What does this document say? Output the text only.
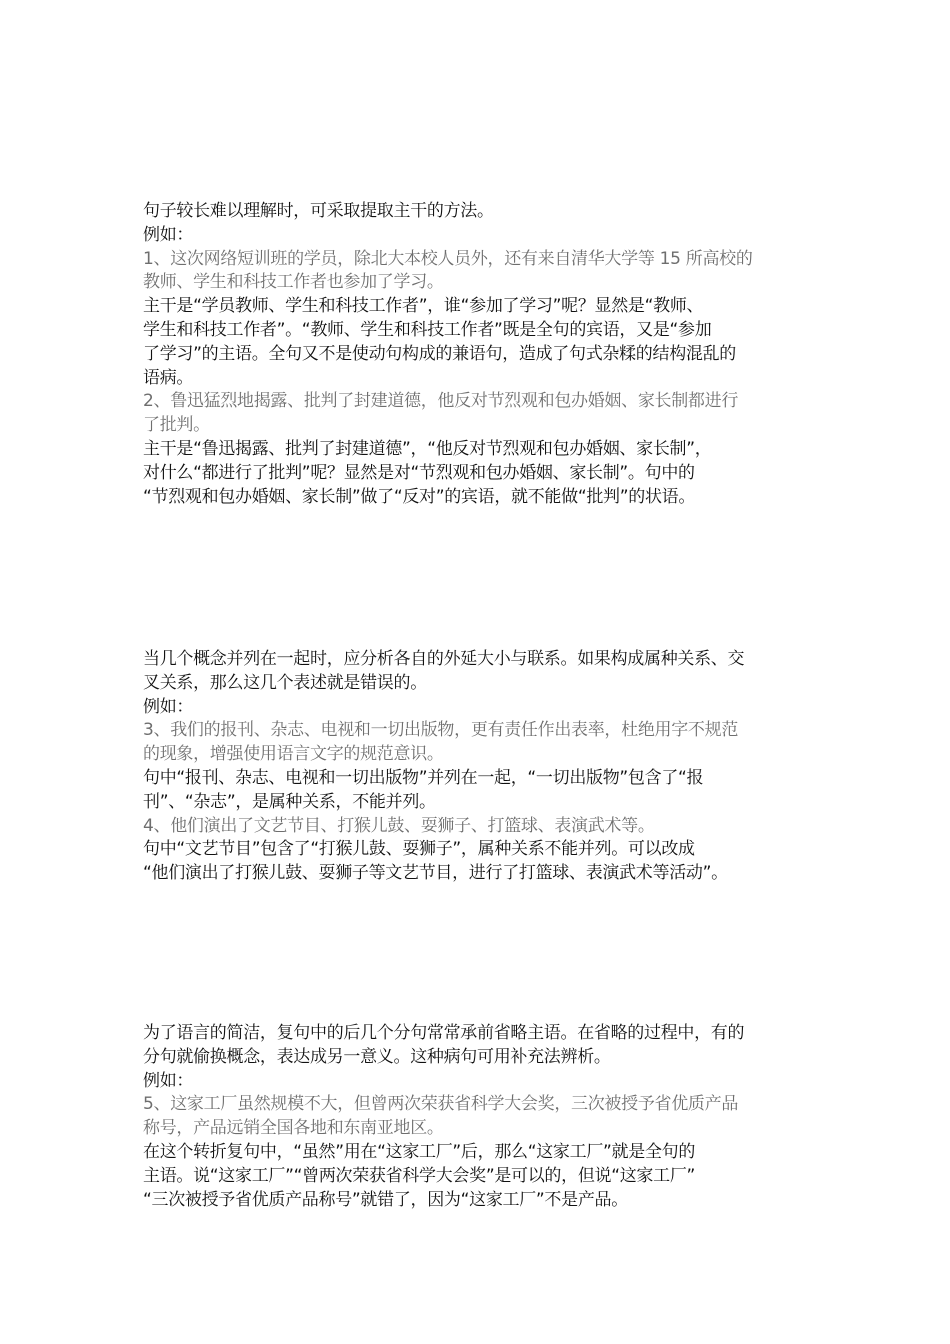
句子较长难以理解时，可采取提取主干的方法。
例如：
1、这次网络短训班的学员，除北大本校人员外，还有来自清华大学等 15 所高校的
教师、学生和科技工作者也参加了学习。
主干是“学员教师、学生和科技工作者”，谁“参加了学习”呢？显然是“教师、
学生和科技工作者”。“教师、学生和科技工作者”既是全句的宾语，又是“参加
了学习”的主语。全句又不是使动句构成的兼语句，造成了句式杂糅的结构混乱的
语病。
2、鲁迅猛烈地揭露、批判了封建道德，他反对节烈观和包办婚姻、家长制都进行
了批判。
主干是“鲁迅揭露、批判了封建道德”，“他反对节烈观和包办婚姻、家长制”，
对什么“都进行了批判”呢？显然是对“节烈观和包办婚姻、家长制”。句中的
“节烈观和包办婚姻、家长制”做了“反对”的宾语，就不能做“批判”的状语。
当几个概念并列在一起时，应分析各自的外延大小与联系。如果构成属种关系、交
叉关系，那么这几个表述就是错误的。
例如：
3、我们的报刊、杂志、电视和一切出版物，更有责任作出表率，杜绝用字不规范
的现象，增强使用语言文字的规范意识。
句中“报刊、杂志、电视和一切出版物”并列在一起，“一切出版物”包含了“报
刊”、“杂志”，是属种关系，不能并列。
4、他们演出了文艺节目、打猴儿鼓、耍狮子、打篮球、表演武术等。
句中“文艺节目”包含了“打猴儿鼓、耍狮子”，属种关系不能并列。可以改成
“他们演出了打猴儿鼓、耍狮子等文艺节目，进行了打篮球、表演武术等活动”。
为了语言的简洁，复句中的后几个分句常常承前省略主语。在省略的过程中，有的
分句就偷换概念，表达成另一意义。这种病句可用补充法辨析。
例如：
5、这家工厂虽然规模不大，但曾两次荣获省科学大会奖，三次被授予省优质产品
称号，产品远销全国各地和东南亚地区。
在这个转折复句中，“虽然”用在“这家工厂”后，那么“这家工厂”就是全句的
主语。说“这家工厂”“曾两次荣获省科学大会奖”是可以的，但说“这家工厂”
“三次被授予省优质产品称号”就错了，因为“这家工厂”不是产品。
